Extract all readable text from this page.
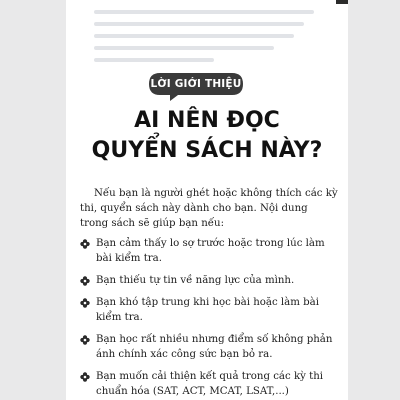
LỜI GIỚI THIỆU
AI NÊN ĐỌC
QUYỂN SÁCH NÀY?

Nếu bạn là người ghét hoặc không thích các kỳ thi, quyển sách này dành cho bạn. Nội dung trong sách sẽ giúp bạn nếu:

Bạn cảm thấy lo sợ trước hoặc trong lúc làm bài kiểm tra.
Bạn thiếu tự tin về năng lực của mình.
Bạn khó tập trung khi học bài hoặc làm bài kiểm tra.
Bạn học rất nhiều nhưng điểm số không phản ánh chính xác công sức bạn bỏ ra.
Bạn muốn cải thiện kết quả trong các kỳ thi chuẩn hóa (SAT, ACT, MCAT, LSAT,...)
